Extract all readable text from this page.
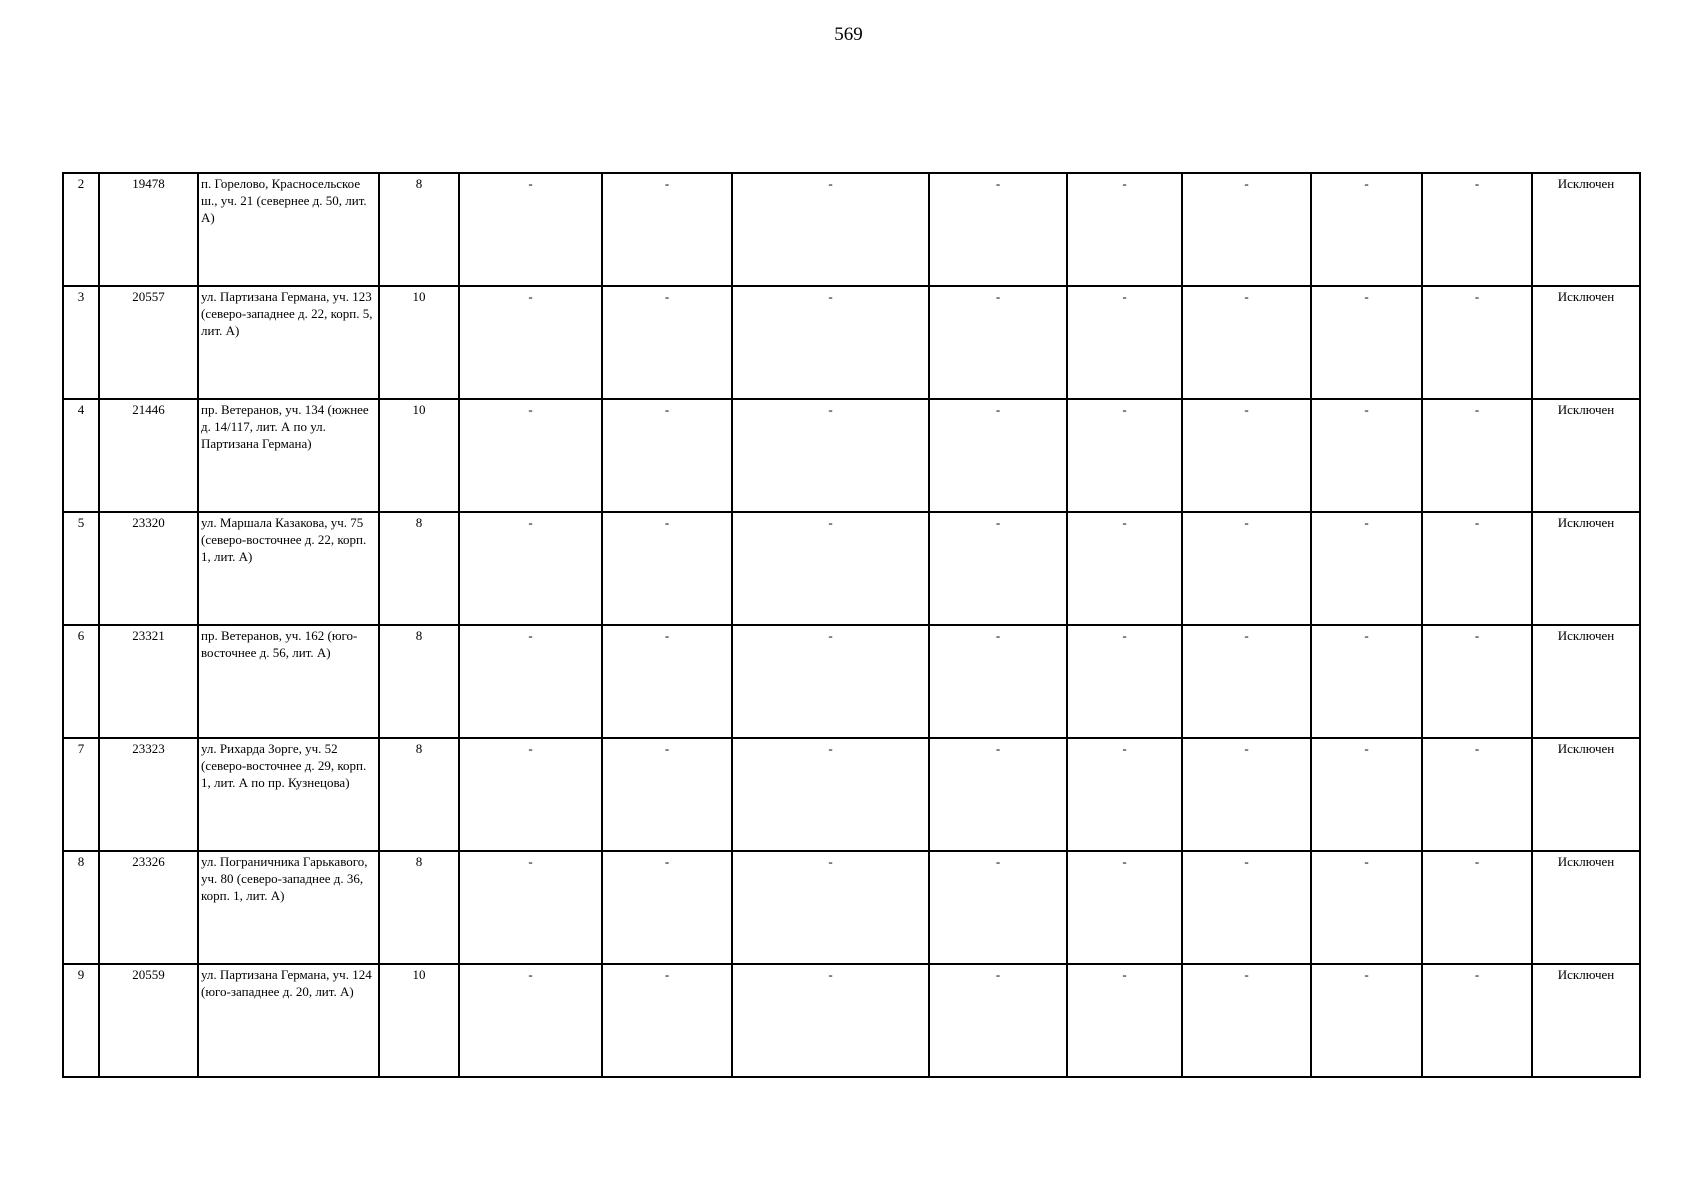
569
2	19478	п. Горелово, Красносельское ш., уч. 21 (севернее д. 50, лит. А)	8	-	-	-	-	-	-	-	-	Исключен
3	20557	ул. Партизана Германа, уч. 123 (северо-западнее д. 22, корп. 5, лит. А)	10	-	-	-	-	-	-	-	-	Исключен
4	21446	пр. Ветеранов, уч. 134 (южнее д. 14/117, лит. А по ул. Партизана Германа)	10	-	-	-	-	-	-	-	-	Исключен
5	23320	ул. Маршала Казакова, уч. 75 (северо-восточнее д. 22, корп. 1, лит. А)	8	-	-	-	-	-	-	-	-	Исключен
6	23321	пр. Ветеранов, уч. 162 (юго-восточнее д. 56, лит. А)	8	-	-	-	-	-	-	-	-	Исключен
7	23323	ул. Рихарда Зорге, уч. 52 (северо-восточнее д. 29, корп. 1, лит. А по пр. Кузнецова)	8	-	-	-	-	-	-	-	-	Исключен
8	23326	ул. Пограничника Гарькавого, уч. 80 (северо-западнее д. 36, корп. 1, лит. А)	8	-	-	-	-	-	-	-	-	Исключен
9	20559	ул. Партизана Германа, уч. 124 (юго-западнее д. 20, лит. А)	10	-	-	-	-	-	-	-	-	Исключен
